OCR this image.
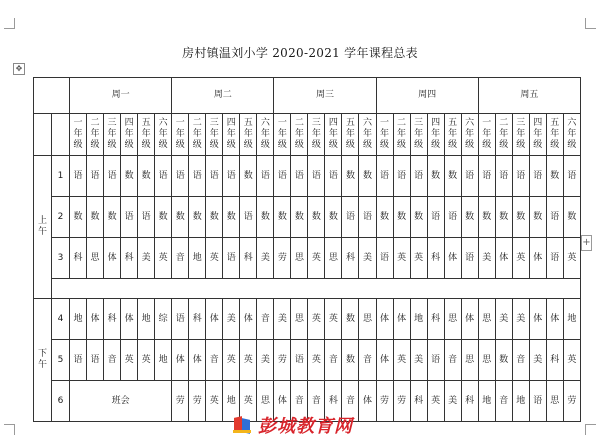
✥
+
房村镇温刘小学 2020-2021 学年课程总表
		周一						周二						周三						周四						周五					

		一年级	二年级	三年级	四年级	五年级	六年级	一年级	二年级	三年级	四年级	五年级	六年级	一年级	二年级	三年级	四年级	五年级	六年级	一年级	二年级	三年级	四年级	五年级	六年级	一年级	二年级	三年级	四年级	五年级	六年级

上午	1	语	语	语	数	数	语	语	语	语	语	数	语	语	语	语	语	数	数	语	语	语	数	数	语	语	语	语	语	数	语
	2	数	数	数	语	语	数	数	数	数	数	语	数	数	数	数	数	语	语	数	数	数	语	语	数	数	数	数	数	语	数
	3	科	思	体	科	美	英	音	地	英	语	科	美	劳	思	英	思	科	美	语	英	英	科	体	语	美	体	英	体	语	英

下午	4	地	体	科	体	地	综	语	科	体	美	体	音	美	思	英	英	数	思	体	体	地	科	思	体	思	美	美	体	体	地
	5	语	语	音	英	英	地	体	体	音	英	英	美	劳	语	英	音	数	音	体	英	美	语	音	思	思	数	音	美	科	英
	6	班会						劳	劳	英	地	英	思	体	音	音	科	音	体	劳	劳	科	英	美	科	地	音	地	语	思	劳
彭城教育网
